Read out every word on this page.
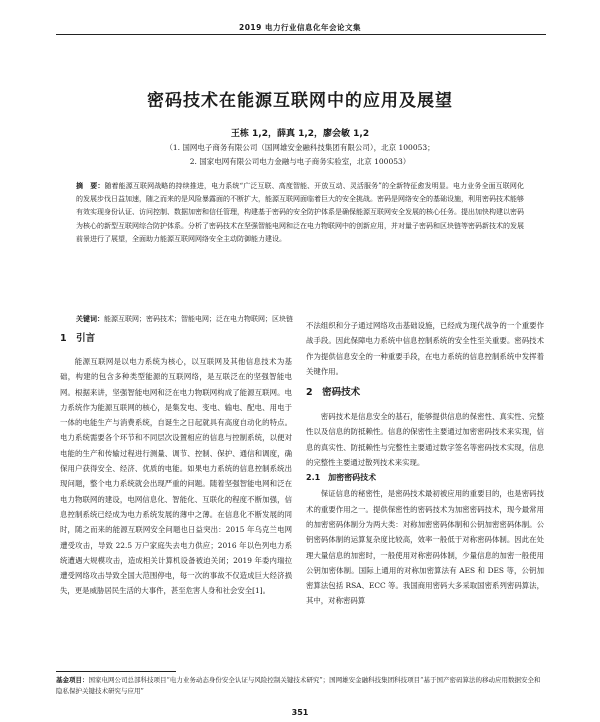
2019 电力行业信息化年会论文集
密码技术在能源互联网中的应用及展望
王栋 1,2，薛真 1,2，廖会敏 1,2
（1. 国网电子商务有限公司（国网雄安金融科技集团有限公司），北京 100053；
2. 国家电网有限公司电力金融与电子商务实验室，北京 100053）
摘　要：随着能源互联网战略的持续推进，电力系统“广泛互联、高度智能、开放互动、灵活服务”的全新特征愈发明显。电力业务全面互联网化的发展步伐日益加速，随之而来的是风险暴露面的不断扩大，能源互联网面临着巨大的安全挑战。密码是网络安全的基础设施，利用密码技术能够有效实现身份认证、访问控制、数据加密和信任管理，构建基于密码的安全防护体系是确保能源互联网安全发展的核心任务。提出加快构建以密码为核心的新型互联网综合防护体系。分析了密码技术在坚强智能电网和泛在电力物联网中的创新应用，并对量子密码和区块链等密码新技术的发展前景进行了展望，全面助力能源互联网网络安全主动防御能力建设。
关键词：能源互联网；密码技术；智能电网；泛在电力物联网；区块链
1　引言

能源互联网是以电力系统为核心，以互联网及其他信息技术为基础，构建的包含多种类型能源的互联网络，是互联泛在的坚强智能电网。根据来讲，坚强智能电网和泛在电力物联网构成了能源互联网。电力系统作为能源互联网的核心，是集发电、变电、输电、配电、用电于一体的电能生产与消费系统，自诞生之日起就具有高度自动化的特点。电力系统需要各个环节和不同层次设置相应的信息与控制系统，以便对电能的生产和传输过程进行测量、调节、控制、保护、通信和调度，确保用户获得安全、经济、优质的电能。如果电力系统的信息控制系统出现问题，整个电力系统就会出现严重的问题。随着坚强智能电网和泛在电力物联网的建设，电网信息化、智能化、互联化的程度不断加强，信息控制系统已经成为电力系统发展的薄中之薄。在信息化不断发展的同时，随之而来的能源互联网安全问题也日益突出：2015 年乌克兰电网遭受攻击，导致 22.5 万户家庭失去电力供应；2016 年以色列电力系统遭遇大规模攻击，造成相关计算机设备被迫关闭；2019 年委内瑞拉遭受网络攻击导致全国大范围停电，每一次的事故不仅造成巨大经济损失，更是威胁居民生活的大事件，甚至危害人身和社会安全[1]。

不法组织和分子通过网络攻击基础设施，已经成为现代战争的一个重要作战手段。因此保障电力系统中信息控制系统的安全性至关重要。密码技术作为提供信息安全的一种重要手段，在电力系统的信息控制系统中发挥着关键作用。

2　密码技术

密码技术是信息安全的基石，能够提供信息的保密性、真实性、完整性以及信息的防抵赖性。信息的保密性主要通过加密密码技术来实现，信息的真实性、防抵赖性与完整性主要通过数字签名等密码技术实现，信息的完整性主要通过散列技术来实现。

2.1　加密密码技术

保证信息的秘密性，是密码技术最初被应用的重要目的，也是密码技术的重要作用之一。提供保密性的密码技术为加密密码技术，现今最常用的加密密码体制分为两大类：对称加密密码体制和公钥加密密码体制。公钥密码体制的运算复杂度比较高，效率一般低于对称密码体制。因此在处理大量信息的加密时，一般使用对称密码体制，少量信息的加密一般使用公钥加密体制。国际上通用的对称加密算法有 AES 和 DES 等，公钥加密算法包括 RSA、ECC 等。我国商用密码大多采取国密系列密码算法，其中，对称密码算

基金项目：国家电网公司总部科技项目“电力业务动态身份安全认证与风险控制关键技术研究”；国网雄安金融科技集团科技项目“基于国产密码算法的移动应用数据安全和隐私保护关键技术研究与应用”
351
